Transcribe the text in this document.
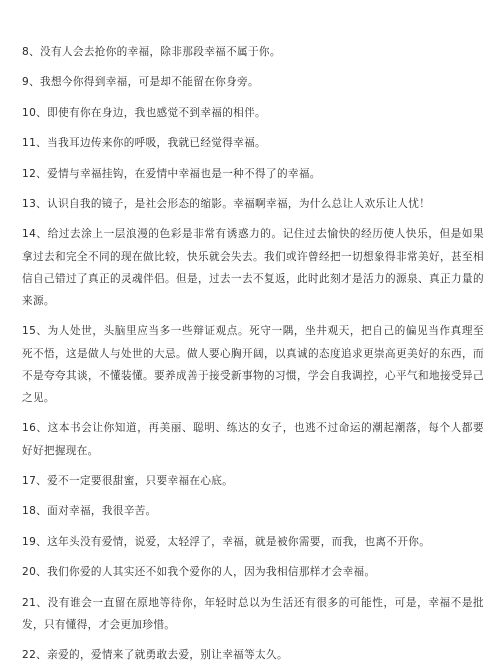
8、没有人会去抢你的幸福，除非那段幸福不属于你。

9、我想今你得到幸福，可是却不能留在你身旁。

10、即使有你在身边，我也感觉不到幸福的相伴。

11、当我耳边传来你的呼吸，我就已经觉得幸福。

12、爱情与幸福挂钩，在爱情中幸福也是一种不得了的幸福。

13、认识自我的镜子，是社会形态的缩影。幸福啊幸福，为什么总让人欢乐让人忧！

14、给过去涂上一层浪漫的色彩是非常有诱惑力的。记住过去愉快的经历使人快乐，但是如果拿过去和完全不同的现在做比较，快乐就会失去。我们或许曾经把一切想象得非常美好，甚至相信自己错过了真正的灵魂伴侣。但是，过去一去不复返，此时此刻才是活力的源泉、真正力量的来源。

15、为人处世，头脑里应当多一些辩证观点。死守一隅，坐井观天，把自己的偏见当作真理至死不悟，这是做人与处世的大忌。做人要心胸开阔，以真诚的态度追求更崇高更美好的东西，而不是夸夸其谈，不懂装懂。要养成善于接受新事物的习惯，学会自我调控，心平气和地接受异己之见。

16、这本书会让你知道，再美丽、聪明、练达的女子，也逃不过命运的潮起潮落，每个人都要好好把握现在。

17、爱不一定要很甜蜜，只要幸福在心底。

18、面对幸福，我很辛苦。

19、这年头没有爱情，说爱，太轻浮了，幸福，就是被你需要，而我，也离不开你。

20、我们你爱的人其实还不如我个爱你的人，因为我相信那样才会幸福。

21、没有谁会一直留在原地等待你，年轻时总以为生活还有很多的可能性，可是，幸福不是批发，只有懂得，才会更加珍惜。

22、亲爱的，爱情来了就勇敢去爱，别让幸福等太久。
